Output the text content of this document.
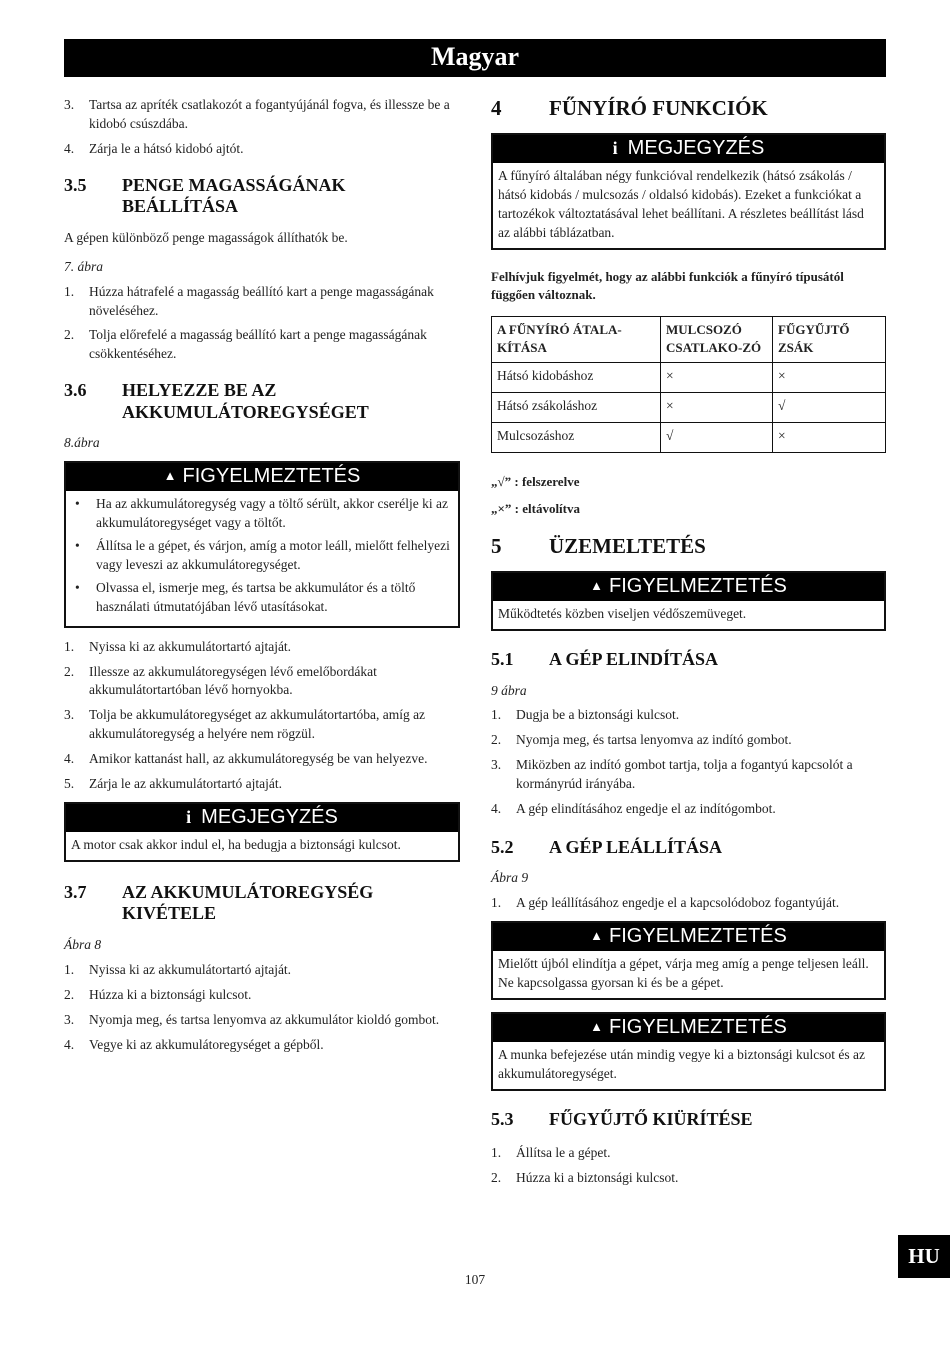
Magyar
3. Tartsa az apríték csatlakozót a fogantyújánál fogva, és illessze be a kidobó csúszdába.
4. Zárja le a hátsó kidobó ajtót.
3.5	PENGE MAGASSÁGÁNAK BEÁLLÍTÁSA

A gépen különböző penge magasságok állíthatók be.

7. ábra
1. Húzza hátrafelé a magasság beállító kart a penge magasságának növeléséhez.
2. Tolja előrefelé a magasság beállító kart a penge magasságának csökkentéséhez.
3.6	HELYEZZE BE AZ AKKUMULÁTOREGYSÉGET
8.ábra
▲ FIGYELMEZTETÉS
• Ha az akkumulátoregység vagy a töltő sérült, akkor cserélje ki az akkumulátoregységet vagy a töltőt.
• Állítsa le a gépet, és várjon, amíg a motor leáll, mielőtt felhelyezi vagy leveszi az akkumulátoregységet.
• Olvassa el, ismerje meg, és tartsa be akkumulátor és a töltő használati útmutatójában lévő utasításokat.
1. Nyissa ki az akkumulátortartó ajtaját.
2. Illessze az akkumulátoregységen lévő emelőbordákat akkumulátortartóban lévő hornyokba.
3. Tolja be akkumulátoregységet az akkumulátortartóba, amíg az akkumulátoregység a helyére nem rögzül.
4. Amikor kattanást hall, az akkumulátoregység be van helyezve.
5. Zárja le az akkumulátortartó ajtaját.
i MEGJEGYZÉS
A motor csak akkor indul el, ha bedugja a biztonsági kulcsot.
3.7	AZ AKKUMULÁTOREGYSÉG KIVÉTELE
Ábra 8
1. Nyissa ki az akkumulátortartó ajtaját.
2. Húzza ki a biztonsági kulcsot.
3. Nyomja meg, és tartsa lenyomva az akkumulátor kioldó gombot.
4. Vegye ki az akkumulátoregységet a gépből.
4	FŰNYÍRÓ FUNKCIÓK
i MEGJEGYZÉS
A fűnyíró általában négy funkcióval rendelkezik (hátsó zsákolás / hátsó kidobás / mulcsozás / oldalsó kidobás). Ezeket a funkciókat a tartozékok változtatásával lehet beállítani. A részletes beállítást lásd az alábbi táblázatban.

Felhívjuk figyelmét, hogy az alábbi funkciók a fűnyíró típusától függően változnak.

A FŰNYÍRÓ ÁTALA-KÍTÁSA	MULCSOZÓ CSATLAKO-ZÓ	FŰGYŰJTŐ ZSÁK
Hátsó kidobáshoz	×	×
Hátsó zsákoláshoz	×	√
Mulcsozáshoz	√	×

„√” : felszerelve

„×” : eltávolítva

5	ÜZEMELTETÉS
▲ FIGYELMEZTETÉS
Működtetés közben viseljen védőszemüveget.
5.1	A GÉP ELINDÍTÁSA
9 ábra
1. Dugja be a biztonsági kulcsot.
2. Nyomja meg, és tartsa lenyomva az indító gombot.
3. Miközben az indító gombot tartja, tolja a fogantyú kapcsolót a kormányrúd irányába.
4. A gép elindításához engedje el az indítógombot.
5.2	A GÉP LEÁLLÍTÁSA
Ábra 9
1. A gép leállításához engedje el a kapcsolódoboz fogantyúját.
▲ FIGYELMEZTETÉS
Mielőtt újból elindítja a gépet, várja meg amíg a penge teljesen leáll. Ne kapcsolgassa gyorsan ki és be a gépet.
▲ FIGYELMEZTETÉS
A munka befejezése után mindig vegye ki a biztonsági kulcsot és az akkumulátoregységet.
5.3	FŰGYŰJTŐ KIÜRÍTÉSE
1. Állítsa le a gépet.
2. Húzza ki a biztonsági kulcsot.
107
HU
